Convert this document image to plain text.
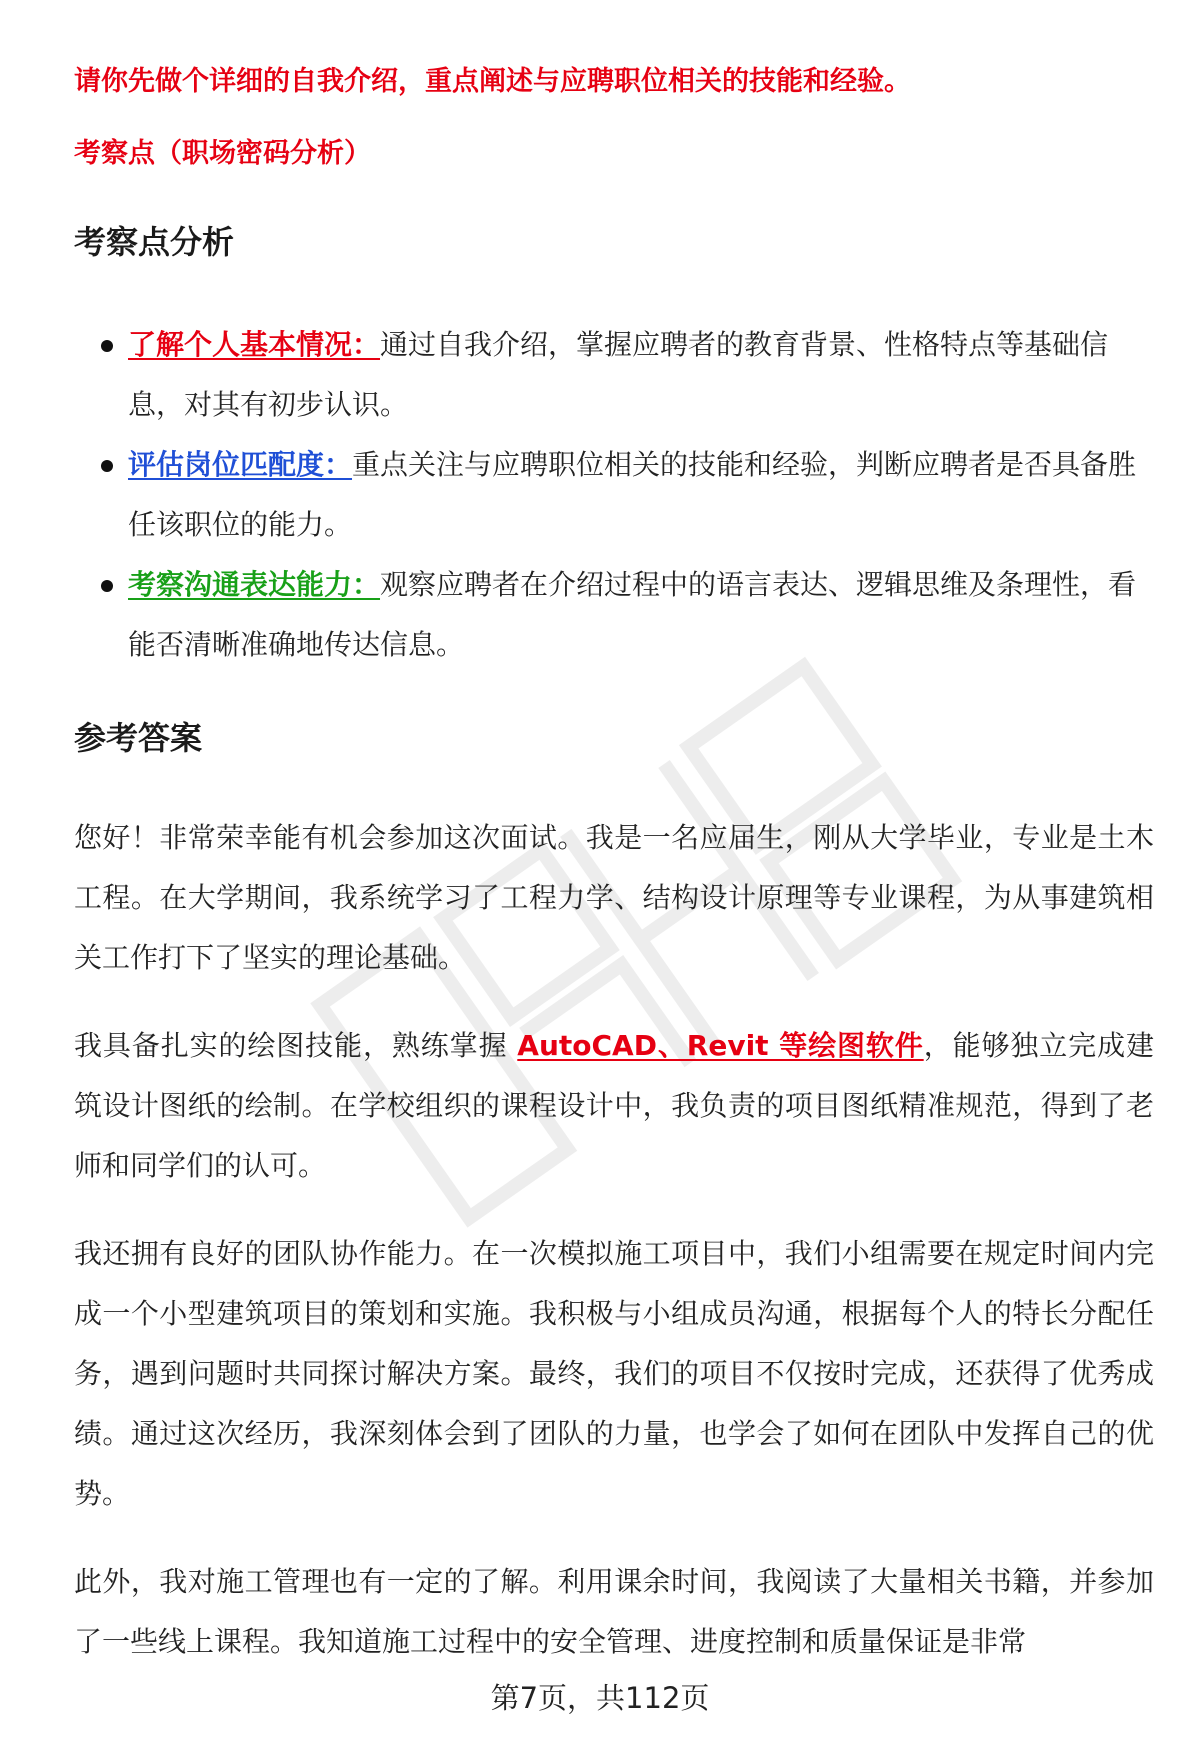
请你先做个详细的自我介绍，重点阐述与应聘职位相关的技能和经验。

考察点（职场密码分析）

考察点分析
了解个人基本情况：通过自我介绍，掌握应聘者的教育背景、性格特点等基础信息，对其有初步认识。
评估岗位匹配度：重点关注与应聘职位相关的技能和经验，判断应聘者是否具备胜任该职位的能力。
考察沟通表达能力：观察应聘者在介绍过程中的语言表达、逻辑思维及条理性，看能否清晰准确地传达信息。
参考答案

您好！非常荣幸能有机会参加这次面试。我是一名应届生，刚从大学毕业，专业是土木工程。在大学期间，我系统学习了工程力学、结构设计原理等专业课程，为从事建筑相关工作打下了坚实的理论基础。

我具备扎实的绘图技能，熟练掌握 AutoCAD、Revit 等绘图软件，能够独立完成建筑设计图纸的绘制。在学校组织的课程设计中，我负责的项目图纸精准规范，得到了老师和同学们的认可。

我还拥有良好的团队协作能力。在一次模拟施工项目中，我们小组需要在规定时间内完成一个小型建筑项目的策划和实施。我积极与小组成员沟通，根据每个人的特长分配任务，遇到问题时共同探讨解决方案。最终，我们的项目不仅按时完成，还获得了优秀成绩。通过这次经历，我深刻体会到了团队的力量，也学会了如何在团队中发挥自己的优势。

此外，我对施工管理也有一定的了解。利用课余时间，我阅读了大量相关书籍，并参加了一些线上课程。我知道施工过程中的安全管理、进度控制和质量保证是非常

第7页，共112页
